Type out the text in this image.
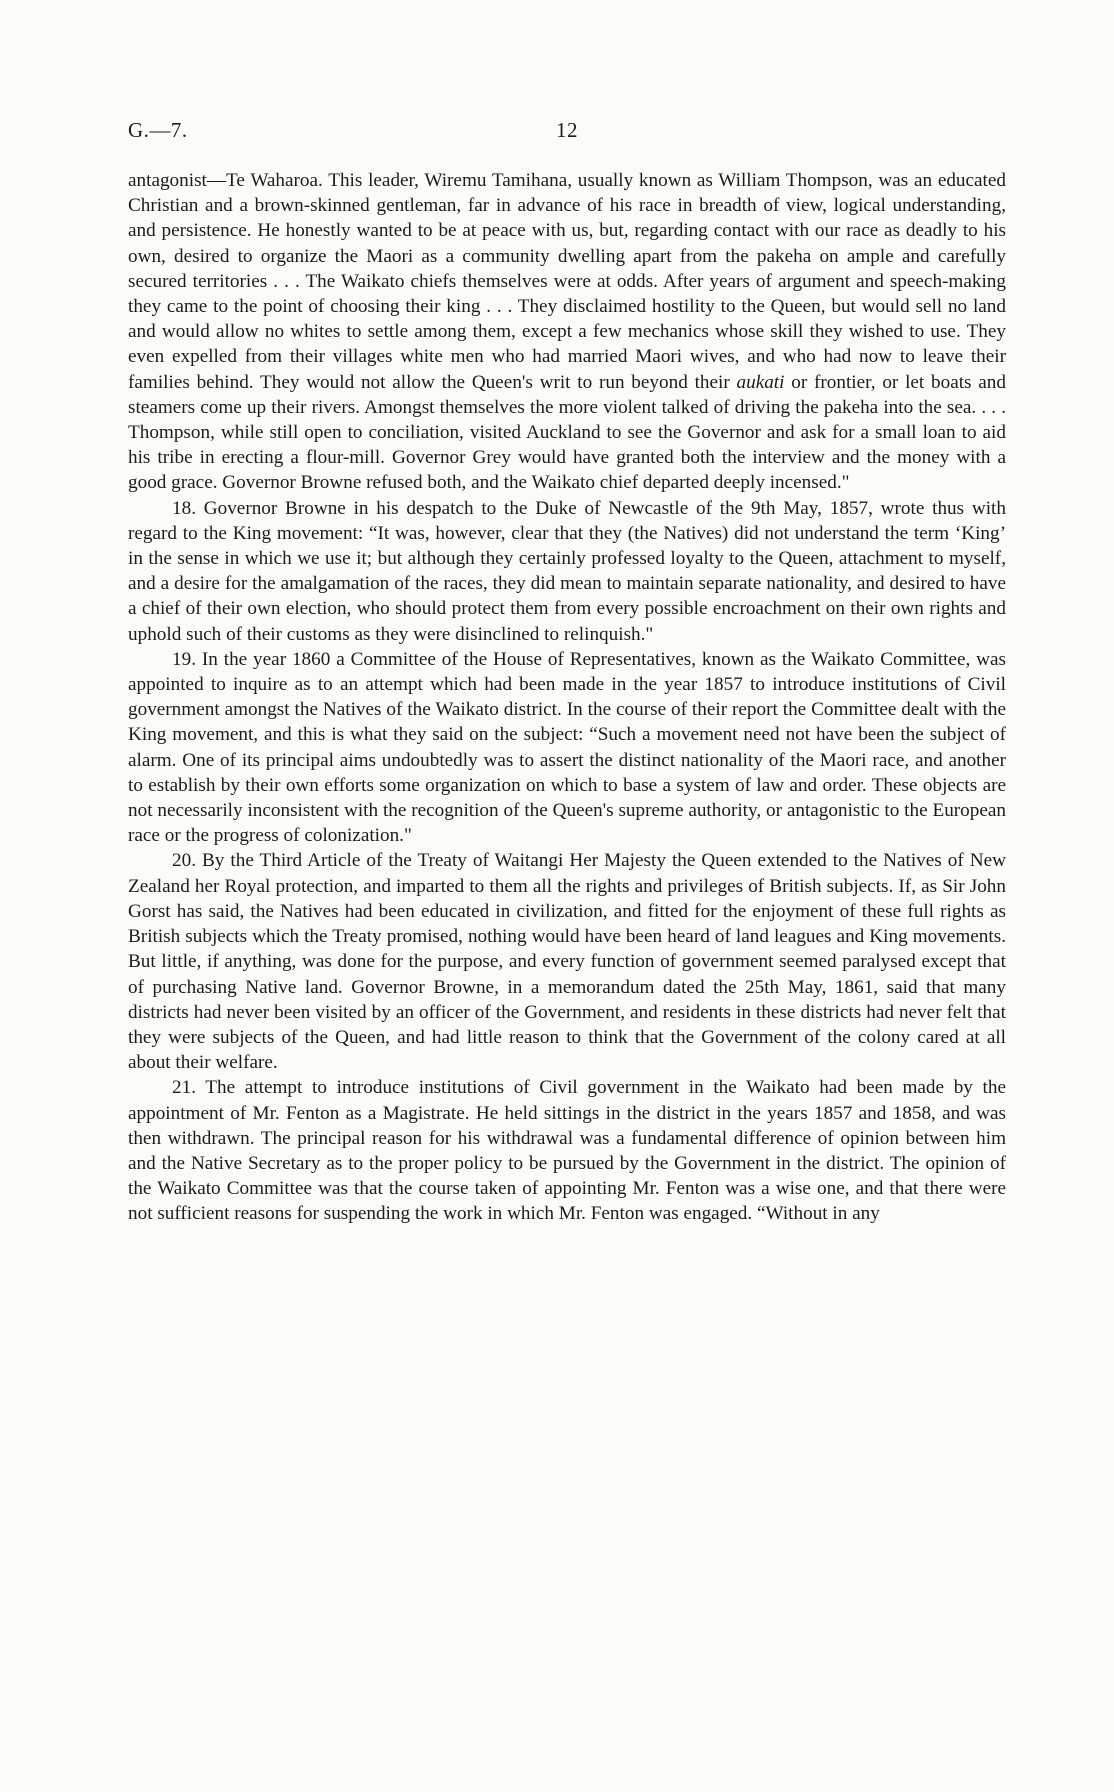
G.—7.	12

antagonist—Te Waharoa. This leader, Wiremu Tamihana, usually known as William Thompson, was an educated Christian and a brown-skinned gentleman, far in advance of his race in breadth of view, logical understanding, and persistence. He honestly wanted to be at peace with us, but, regarding contact with our race as deadly to his own, desired to organize the Maori as a community dwelling apart from the pakeha on ample and carefully secured territories . . . The Waikato chiefs themselves were at odds. After years of argument and speech-making they came to the point of choosing their king . . . They disclaimed hostility to the Queen, but would sell no land and would allow no whites to settle among them, except a few mechanics whose skill they wished to use. They even expelled from their villages white men who had married Maori wives, and who had now to leave their families behind. They would not allow the Queen's writ to run beyond their aukati or frontier, or let boats and steamers come up their rivers. Amongst themselves the more violent talked of driving the pakeha into the sea. . . . Thompson, while still open to conciliation, visited Auckland to see the Governor and ask for a small loan to aid his tribe in erecting a flour-mill. Governor Grey would have granted both the interview and the money with a good grace. Governor Browne refused both, and the Waikato chief departed deeply incensed."

18. Governor Browne in his despatch to the Duke of Newcastle of the 9th May, 1857, wrote thus with regard to the King movement: “It was, however, clear that they (the Natives) did not understand the term ‘King’ in the sense in which we use it; but although they certainly professed loyalty to the Queen, attachment to myself, and a desire for the amalgamation of the races, they did mean to maintain separate nationality, and desired to have a chief of their own election, who should protect them from every possible encroachment on their own rights and uphold such of their customs as they were disinclined to relinquish."

19. In the year 1860 a Committee of the House of Representatives, known as the Waikato Committee, was appointed to inquire as to an attempt which had been made in the year 1857 to introduce institutions of Civil government amongst the Natives of the Waikato district. In the course of their report the Committee dealt with the King movement, and this is what they said on the subject: “Such a movement need not have been the subject of alarm. One of its principal aims undoubtedly was to assert the distinct nationality of the Maori race, and another to establish by their own efforts some organization on which to base a system of law and order. These objects are not necessarily inconsistent with the recognition of the Queen's supreme authority, or antagonistic to the European race or the progress of colonization."

20. By the Third Article of the Treaty of Waitangi Her Majesty the Queen extended to the Natives of New Zealand her Royal protection, and imparted to them all the rights and privileges of British subjects. If, as Sir John Gorst has said, the Natives had been educated in civilization, and fitted for the enjoyment of these full rights as British subjects which the Treaty promised, nothing would have been heard of land leagues and King movements. But little, if anything, was done for the purpose, and every function of government seemed paralysed except that of purchasing Native land. Governor Browne, in a memorandum dated the 25th May, 1861, said that many districts had never been visited by an officer of the Government, and residents in these districts had never felt that they were subjects of the Queen, and had little reason to think that the Government of the colony cared at all about their welfare.

21. The attempt to introduce institutions of Civil government in the Waikato had been made by the appointment of Mr. Fenton as a Magistrate. He held sittings in the district in the years 1857 and 1858, and was then withdrawn. The principal reason for his withdrawal was a fundamental difference of opinion between him and the Native Secretary as to the proper policy to be pursued by the Government in the district. The opinion of the Waikato Committee was that the course taken of appointing Mr. Fenton was a wise one, and that there were not sufficient reasons for suspending the work in which Mr. Fenton was engaged. “Without in any
